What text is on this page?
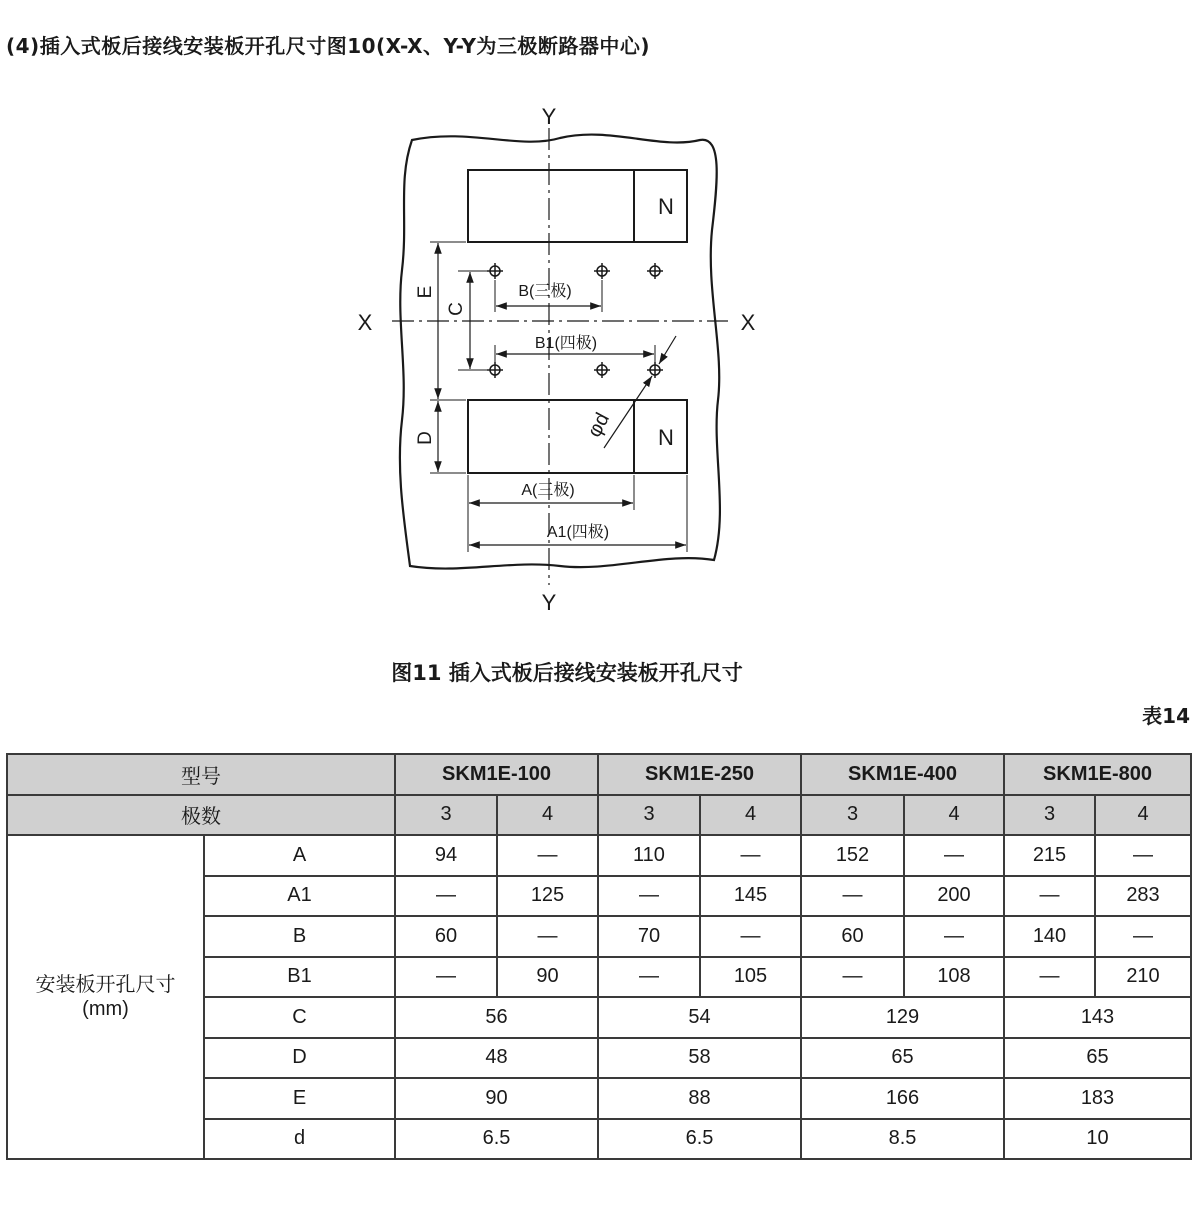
(4)插入式板后接线安装板开孔尺寸图10(X-X、Y-Y为三极断路器中心)
Y
Y
X	X
N
N
B(三极)
B1(四极)
A(三极)
A1(四极)
E
C
D	φd
图11 插入式板后接线安装板开孔尺寸
表14
型号		SKM1E-100		SKM1E-250		SKM1E-400		SKM1E-800	
极数		3	4	3	4	3	4	3	4

安装板开孔尺寸
(mm)	A	94	—	110	—	152	—	215	—
	A1	—	125	—	145	—	200	—	283
	B	60	—	70	—	60	—	140	—
	B1	—	90	—	105	—	108	—	210
	C	56		54		129		143	
	D	48		58		65		65	
	E	90		88		166		183	
	d	6.5		6.5		8.5		10	
